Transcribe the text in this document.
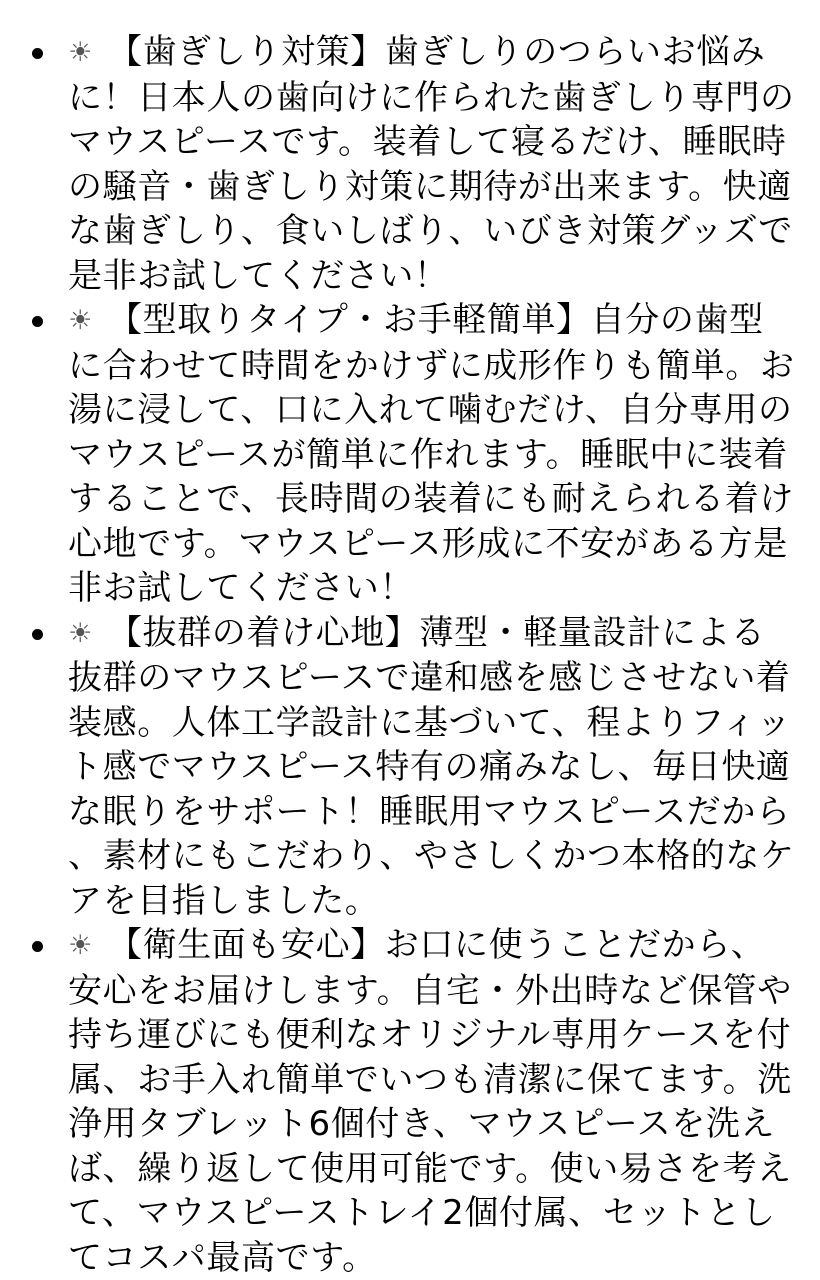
☀ 【歯ぎしり対策】歯ぎしりのつらいお悩みに！日本人の歯向けに作られた歯ぎしり専門のマウスピースです。装着して寝るだけ、睡眠時の騒音・歯ぎしり対策に期待が出来ます。快適な歯ぎしり、食いしばり、いびき対策グッズで是非お試してください！
☀ 【型取りタイプ・お手軽簡単】自分の歯型に合わせて時間をかけずに成形作りも簡単。お湯に浸して、口に入れて噛むだけ、自分専用のマウスピースが簡単に作れます。睡眠中に装着することで、長時間の装着にも耐えられる着け心地です。マウスピース形成に不安がある方是非お試してください！
☀ 【抜群の着け心地】薄型・軽量設計による抜群のマウスピースで違和感を感じさせない着装感。人体工学設計に基づいて、程よりフィット感でマウスピース特有の痛みなし、毎日快適な眠りをサポート！睡眠用マウスピースだから、素材にもこだわり、やさしくかつ本格的なケアを目指しました。
☀ 【衛生面も安心】お口に使うことだから、安心をお届けします。自宅・外出時など保管や持ち運びにも便利なオリジナル専用ケースを付属、お手入れ簡単でいつも清潔に保てます。洗浄用タブレット6個付き、マウスピースを洗えば、繰り返して使用可能です。使い易さを考えて、マウスピーストレイ2個付属、セットとしてコスパ最高です。
